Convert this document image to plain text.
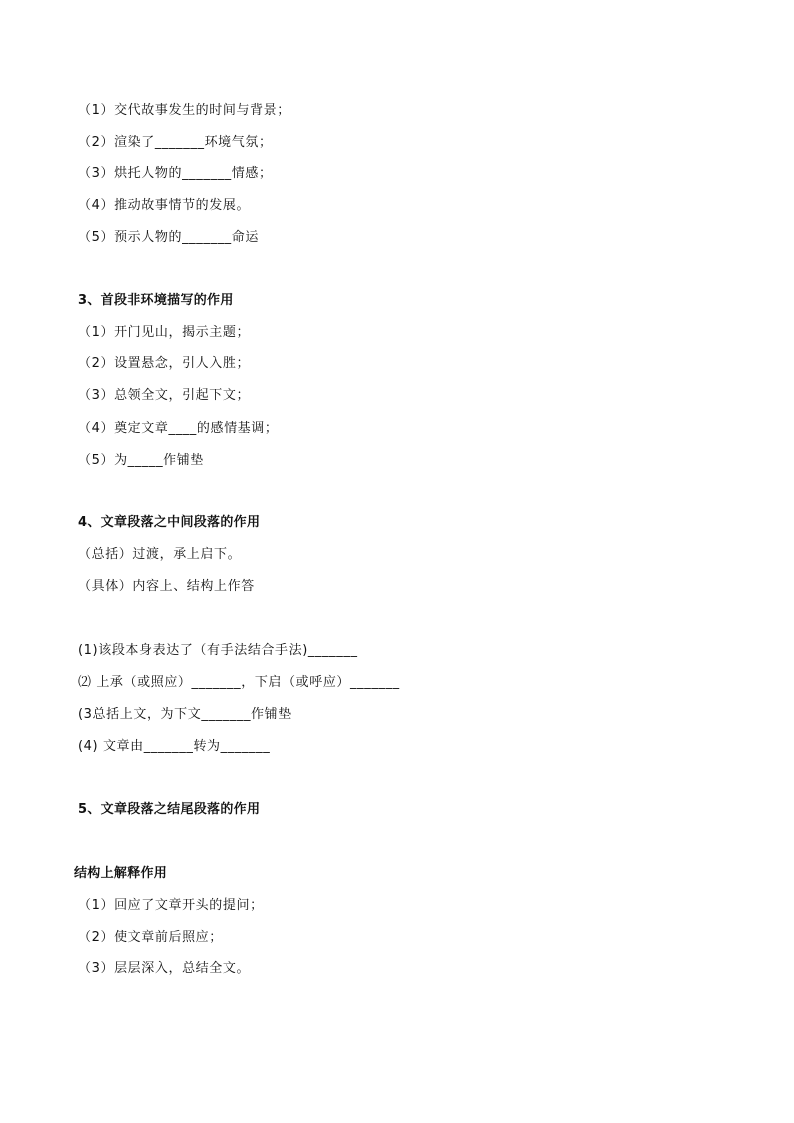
（1）交代故事发生的时间与背景；
（2）渲染了_______环境气氛；
（3）烘托人物的_______情感；
（4）推动故事情节的发展。
（5）预示人物的_______命运
3、首段非环境描写的作用
（1）开门见山，揭示主题；
（2）设置悬念，引人入胜；
（3）总领全文，引起下文；
（4）奠定文章____的感情基调；
（5）为_____作铺垫
4、文章段落之中间段落的作用
（总括）过渡，承上启下。
（具体）内容上、结构上作答
(1)该段本身表达了（有手法结合手法)_______
⑵ 上承（或照应）_______，下启（或呼应）_______
(3总括上文，为下文_______作铺垫
(4) 文章由_______转为_______
5、文章段落之结尾段落的作用
结构上解释作用
（1）回应了文章开头的提问；
（2）使文章前后照应；
（3）层层深入，总结全文。
